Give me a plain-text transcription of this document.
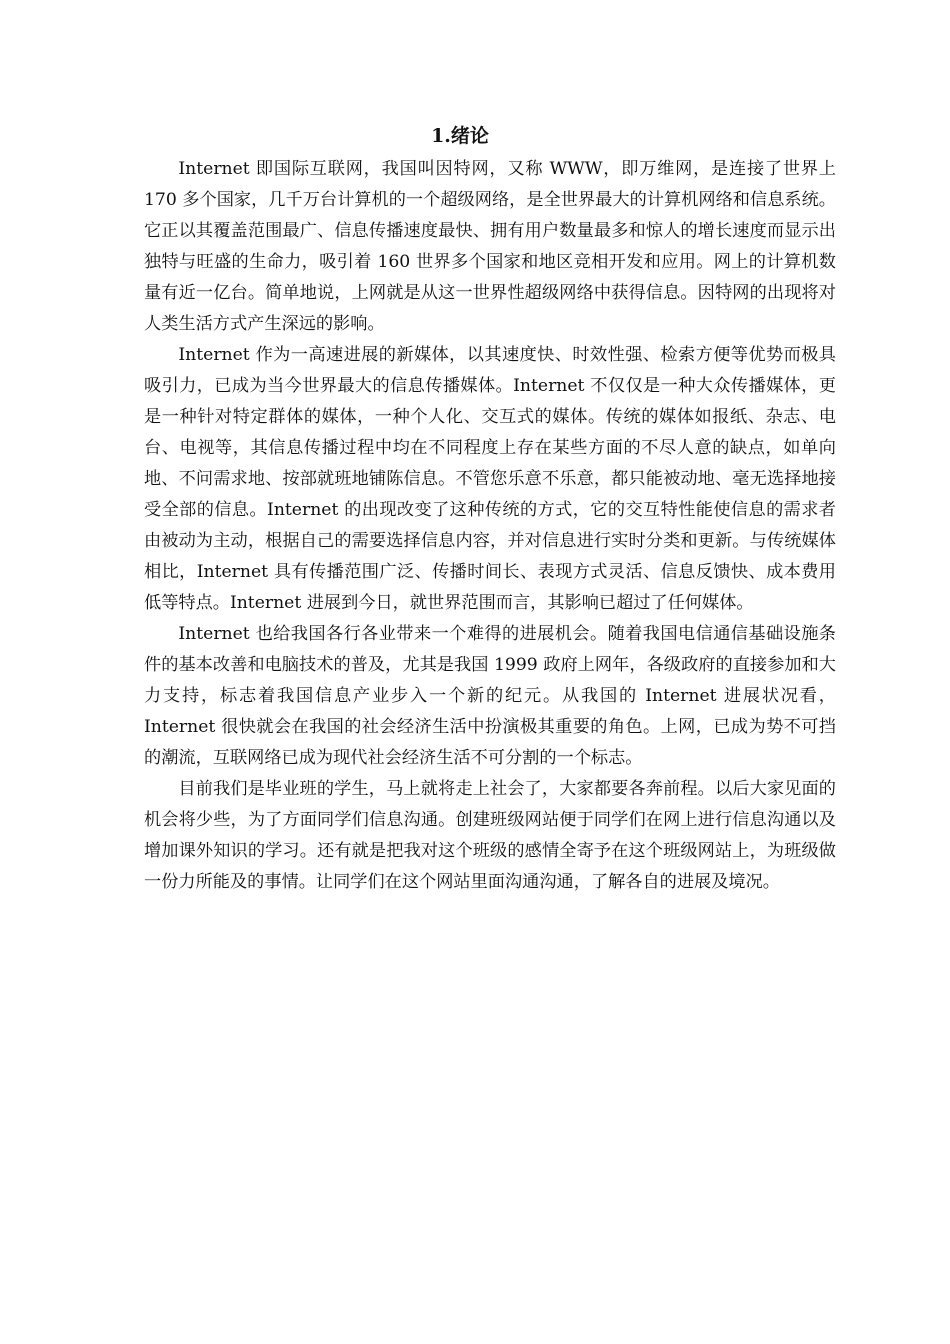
1.绪论

Internet 即国际互联网，我国叫因特网，又称 WWW，即万维网，是连接了世界上 170 多个国家，几千万台计算机的一个超级网络，是全世界最大的计算机网络和信息系统。它正以其覆盖范围最广、信息传播速度最快、拥有用户数量最多和惊人的增长速度而显示出独特与旺盛的生命力，吸引着 160 世界多个国家和地区竞相开发和应用。网上的计算机数量有近一亿台。简单地说，上网就是从这一世界性超级网络中获得信息。因特网的出现将对人类生活方式产生深远的影响。

Internet 作为一高速进展的新媒体，以其速度快、时效性强、检索方便等优势而极具吸引力，已成为当今世界最大的信息传播媒体。Internet 不仅仅是一种大众传播媒体，更是一种针对特定群体的媒体，一种个人化、交互式的媒体。传统的媒体如报纸、杂志、电台、电视等，其信息传播过程中均在不同程度上存在某些方面的不尽人意的缺点，如单向地、不问需求地、按部就班地铺陈信息。不管您乐意不乐意，都只能被动地、毫无选择地接受全部的信息。Internet 的出现改变了这种传统的方式，它的交互特性能使信息的需求者由被动为主动，根据自己的需要选择信息内容，并对信息进行实时分类和更新。与传统媒体相比，Internet 具有传播范围广泛、传播时间长、表现方式灵活、信息反馈快、成本费用低等特点。Internet 进展到今日，就世界范围而言，其影响已超过了任何媒体。

Internet 也给我国各行各业带来一个难得的进展机会。随着我国电信通信基础设施条件的基本改善和电脑技术的普及，尤其是我国 1999 政府上网年，各级政府的直接参加和大力支持，标志着我国信息产业步入一个新的纪元。从我国的 Internet 进展状况看，Internet 很快就会在我国的社会经济生活中扮演极其重要的角色。上网，已成为势不可挡的潮流，互联网络已成为现代社会经济生活不可分割的一个标志。

目前我们是毕业班的学生，马上就将走上社会了，大家都要各奔前程。以后大家见面的机会将少些，为了方面同学们信息沟通。创建班级网站便于同学们在网上进行信息沟通以及增加课外知识的学习。还有就是把我对这个班级的感情全寄予在这个班级网站上，为班级做一份力所能及的事情。让同学们在这个网站里面沟通沟通，了解各自的进展及境况。
